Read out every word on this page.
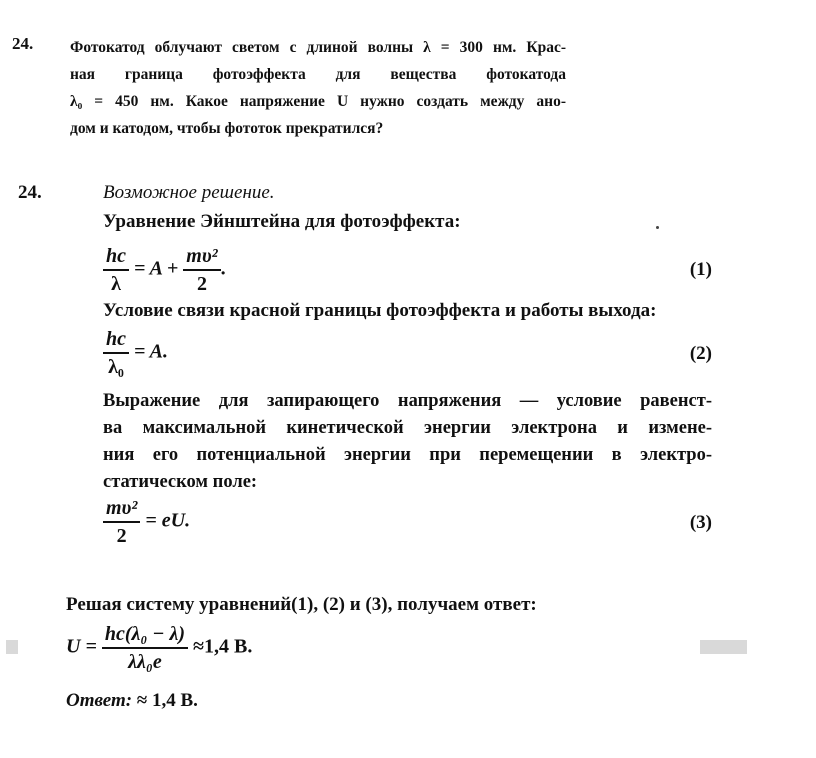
24. Фотокатод облучают светом с длиной волны λ = 300 нм. Крас-
ная граница фотоэффекта для вещества фотокатода
λ₀ = 450 нм. Какое напряжение U нужно создать между ано-
дом и катодом, чтобы фототок прекратился?
24.	Возможное решение.
Уравнение Эйнштейна для фотоэффекта:
$\frac{hc}{\lambda} = A + \frac{\text{mυ²}}{2}$ .	(1)
Условие связи красной границы фотоэффекта и работы выхода:
$\frac{hc}{\text{λ₀}} = A$.	(2)
Выражение для запирающего напряжения — условие равенст-
ва максимальной кинетической энергии электрона и измене-
ния его потенциальной энергии при перемещении в электро-
статическом поле:
$\frac{\text{mυ²}}{2}$ = eU.	(3)
Решая систему уравнений(1), (2) и (3), получаем ответ:
$U = \frac{\text{hc(λ₀ − λ)}}{\text{λλ₀e}} \approx 1,4$ В.
Ответ: ≈ 1,4 В.
